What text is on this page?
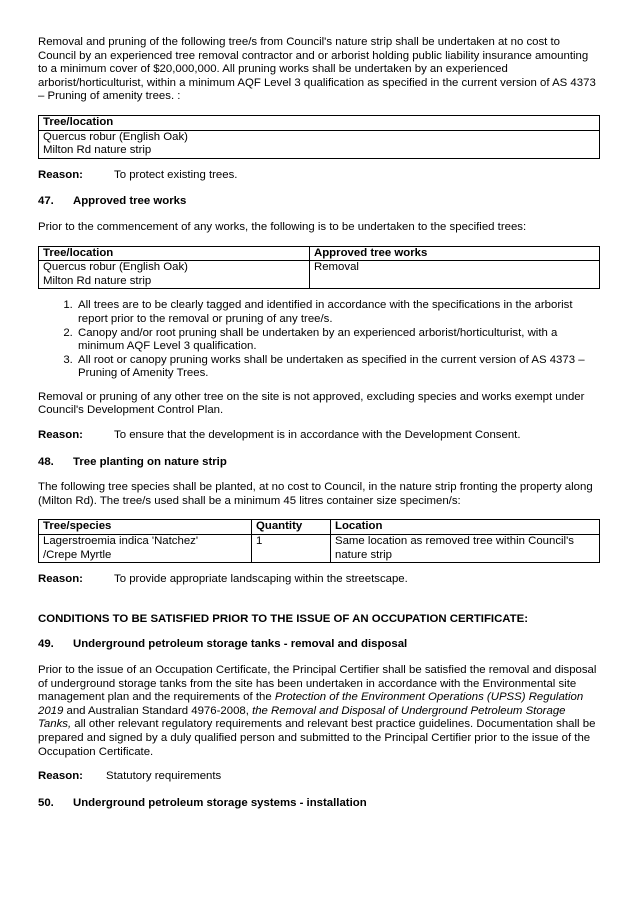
Removal and pruning of the following tree/s from Council's nature strip shall be undertaken at no cost to Council by an experienced tree removal contractor and or arborist holding public liability insurance amounting to a minimum cover of $20,000,000. All pruning works shall be undertaken by an experienced arborist/horticulturist, within a minimum AQF Level 3 qualification as specified in the current version of AS 4373 – Pruning of amenity trees. :

Tree/location

Quercus robur (English Oak)
Milton Rd nature strip
Reason:	To protect existing trees.
47.	Approved tree works

Prior to the commencement of any works, the following is to be undertaken to the specified trees:

Tree/location	Approved tree works

Quercus robur (English Oak)
Milton Rd nature strip	Removal
1. All trees are to be clearly tagged and identified in accordance with the specifications in the arborist report prior to the removal or pruning of any tree/s.
2. Canopy and/or root pruning shall be undertaken by an experienced arborist/horticulturist, with a minimum AQF Level 3 qualification.
3. All root or canopy pruning works shall be undertaken as specified in the current version of AS 4373 – Pruning of Amenity Trees.

Removal or pruning of any other tree on the site is not approved, excluding species and works exempt under Council's Development Control Plan.

Reason:	To ensure that the development is in accordance with the Development Consent.
48.	Tree planting on nature strip

The following tree species shall be planted, at no cost to Council, in the nature strip fronting the property along (Milton Rd). The tree/s used shall be a minimum 45 litres container size specimen/s:

Tree/species	Quantity	Location

Lagerstroemia indica 'Natchez'
/Crepe Myrtle	1	Same location as removed tree within Council's
nature strip
Reason:	To provide appropriate landscaping within the streetscape.
CONDITIONS TO BE SATISFIED PRIOR TO THE ISSUE OF AN OCCUPATION CERTIFICATE:
49.	Underground petroleum storage tanks - removal and disposal

Prior to the issue of an Occupation Certificate, the Principal Certifier shall be satisfied the removal and disposal of underground storage tanks from the site has been undertaken in accordance with the Environmental site management plan and the requirements of the Protection of the Environment Operations (UPSS) Regulation 2019 and Australian Standard 4976-2008, the Removal and Disposal of Underground Petroleum Storage Tanks, all other relevant regulatory requirements and relevant best practice guidelines. Documentation shall be prepared and signed by a duly qualified person and submitted to the Principal Certifier prior to the issue of the Occupation Certificate.

Reason:	Statutory requirements
50.	Underground petroleum storage systems - installation
